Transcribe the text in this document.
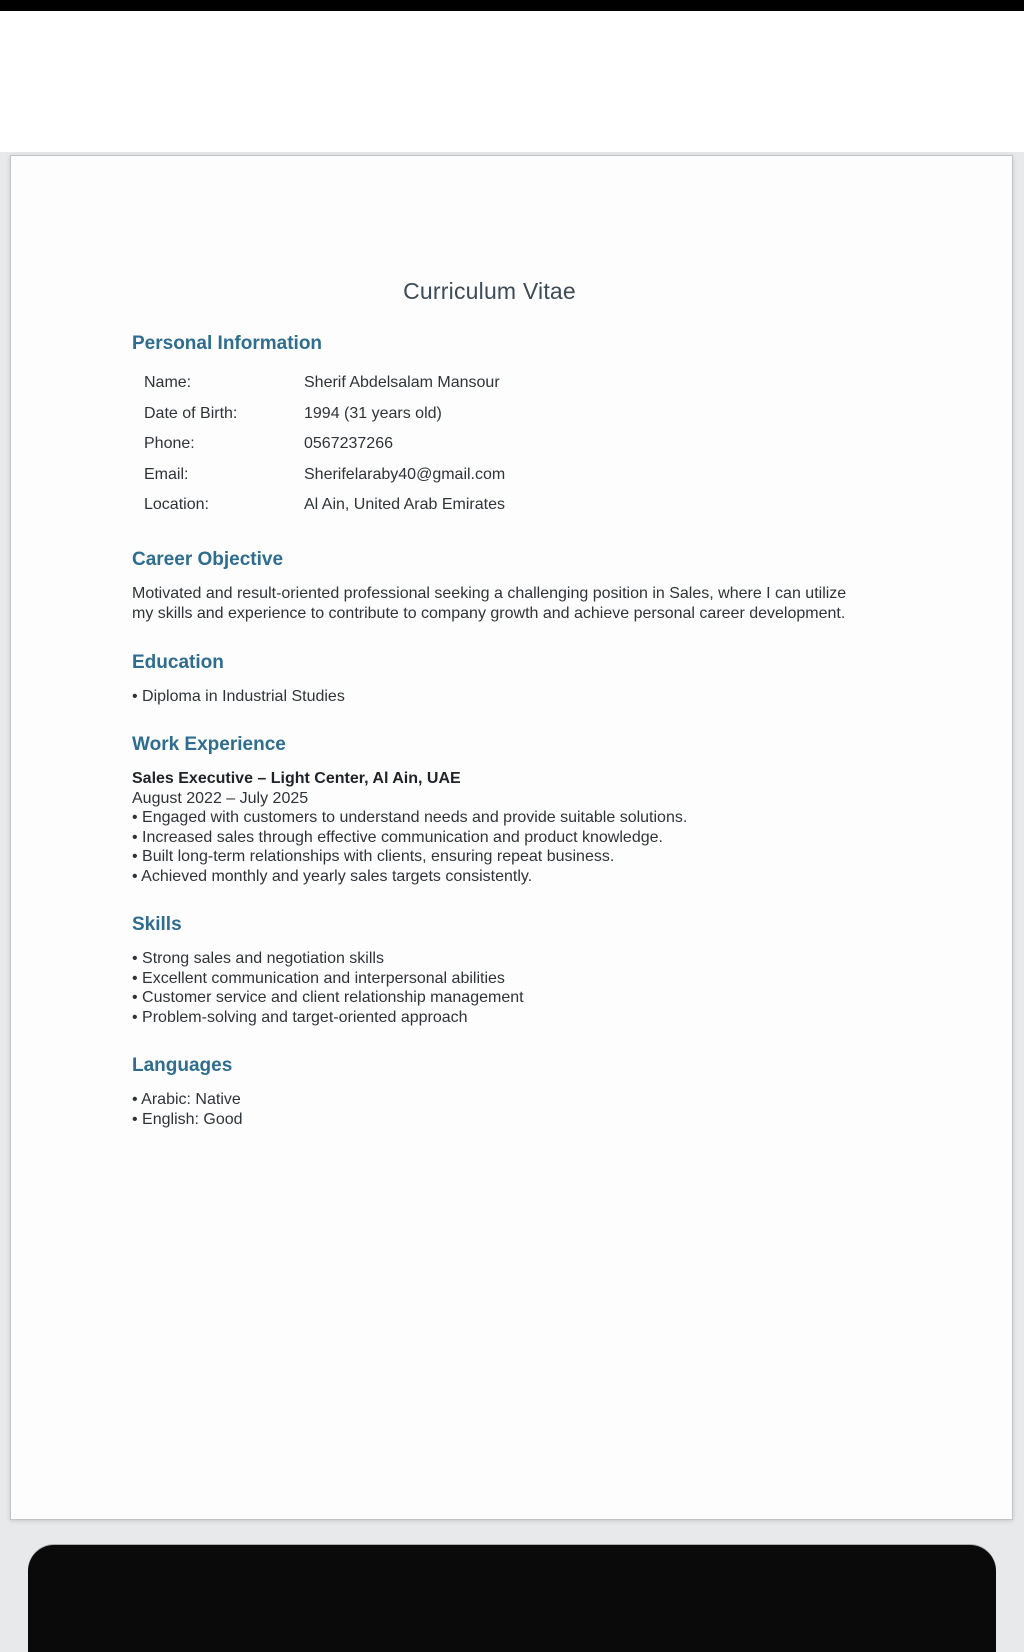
Curriculum Vitae
Personal Information
Name:	Sherif Abdelsalam Mansour
Date of Birth:	1994 (31 years old)
Phone:	0567237266
Email:	Sherifelaraby40@gmail.com
Location:	Al Ain, United Arab Emirates
Career Objective

Motivated and result-oriented professional seeking a challenging position in Sales, where I can utilize my skills and experience to contribute to company growth and achieve personal career development.

Education
• Diploma in Industrial Studies
Work Experience
Sales Executive – Light Center, Al Ain, UAE
August 2022 – July 2025
• Engaged with customers to understand needs and provide suitable solutions.
• Increased sales through effective communication and product knowledge.
• Built long-term relationships with clients, ensuring repeat business.
• Achieved monthly and yearly sales targets consistently.
Skills
• Strong sales and negotiation skills
• Excellent communication and interpersonal abilities
• Customer service and client relationship management
• Problem-solving and target-oriented approach
Languages
• Arabic: Native
• English: Good
